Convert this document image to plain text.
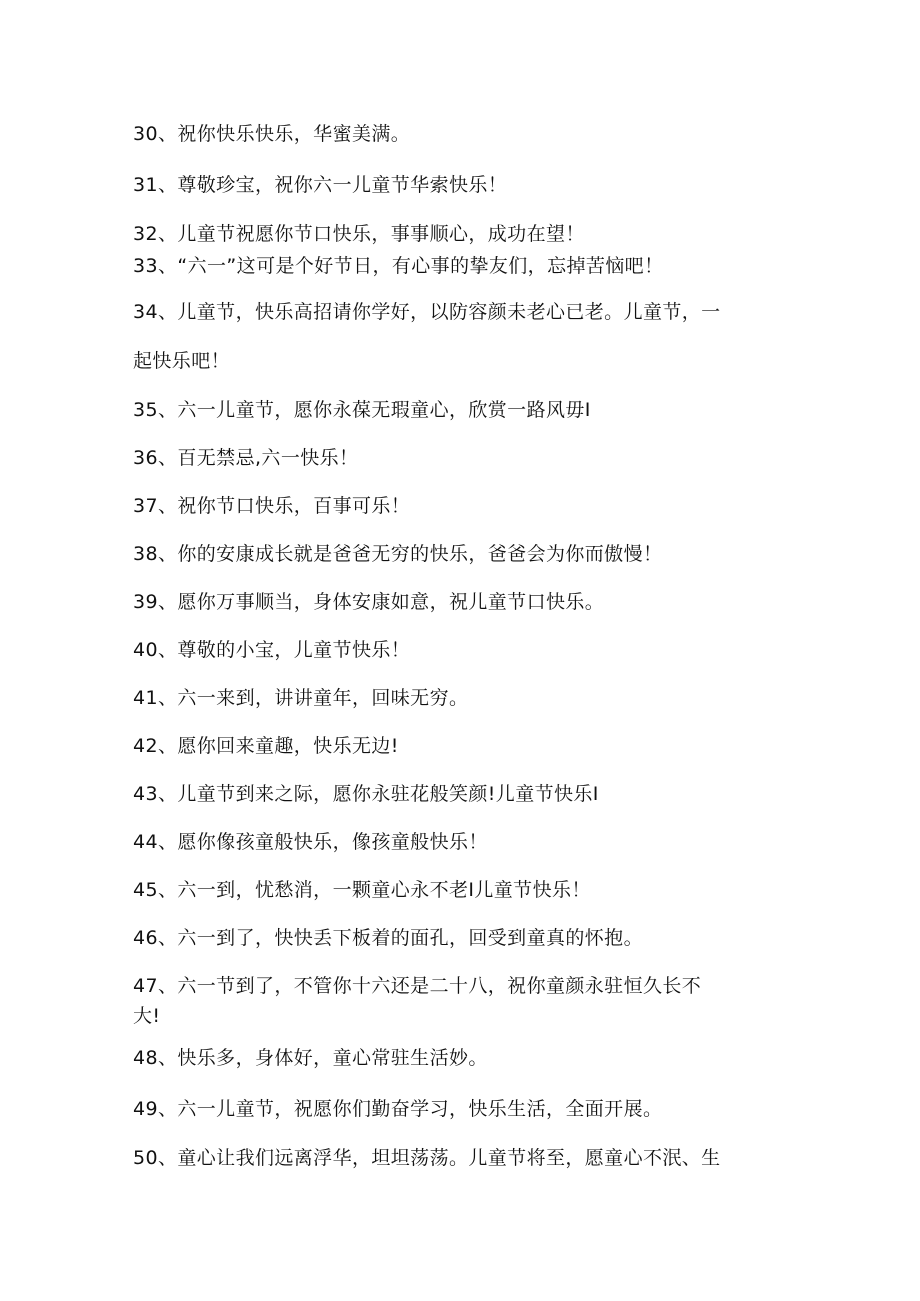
30、祝你快乐快乐，华蜜美满。
31、尊敬珍宝，祝你六一儿童节华索快乐！
32、儿童节祝愿你节口快乐，事事顺心，成功在望！
33、“六一”这可是个好节日，有心事的挚友们，忘掉苦恼吧！
34、儿童节，快乐高招请你学好，以防容颜未老心已老。儿童节，一
起快乐吧！
35、六一儿童节，愿你永葆无瑕童心，欣赏一路风毋I
36、百无禁忌,六一快乐！
37、祝你节口快乐，百事可乐！
38、你的安康成长就是爸爸无穷的快乐，爸爸会为你而傲慢！
39、愿你万事顺当，身体安康如意，祝儿童节口快乐。
40、尊敬的小宝，儿童节快乐！
41、六一来到，讲讲童年，回味无穷。
42、愿你回来童趣，快乐无边!
43、儿童节到来之际，愿你永驻花般笑颜!儿童节快乐I
44、愿你像孩童般快乐，像孩童般快乐！
45、六一到，忧愁消，一颗童心永不老I儿童节快乐！
46、六一到了，快快丢下板着的面孔，回受到童真的怀抱。
47、六一节到了，不管你十六还是二十八，祝你童颜永驻恒久长不
大!
48、快乐多，身体好，童心常驻生活妙。
49、六一儿童节，祝愿你们勤奋学习，快乐生活，全面开展。
50、童心让我们远离浮华，坦坦荡荡。儿童节将至，愿童心不泯、生
